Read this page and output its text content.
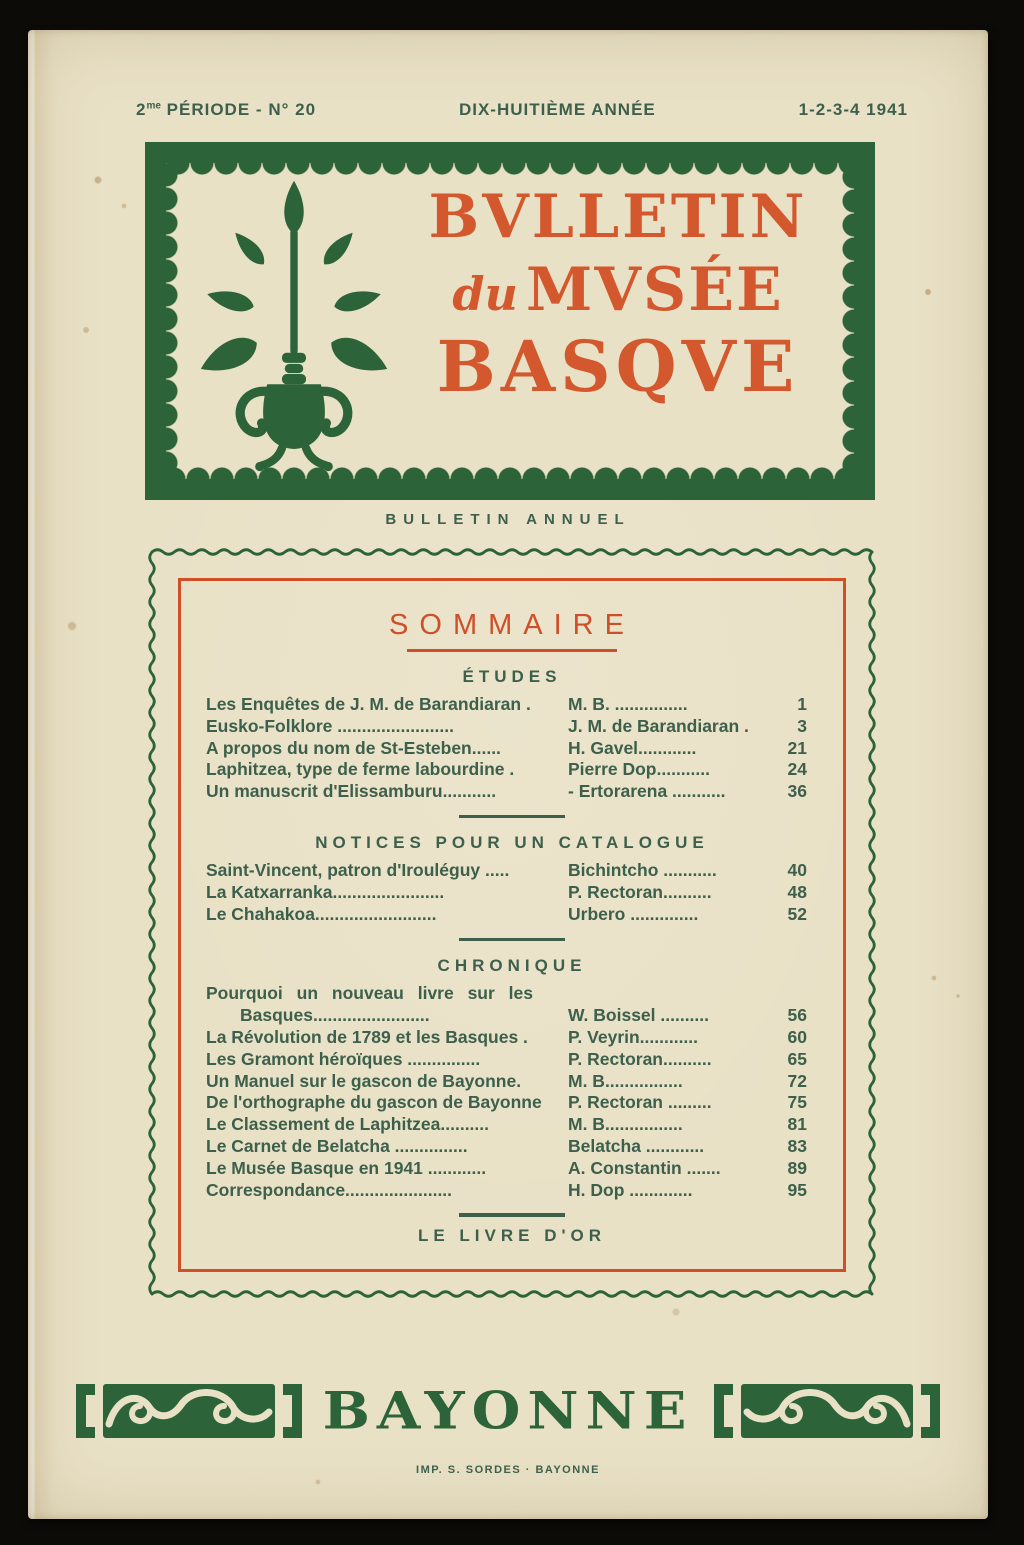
$2^{me}$ PÉRIODE - N° 20	DIX-HUITIÈME ANNÉE	1-2-3-4 1941
BVLLETIN
du MVSÉE
BASQVE
BULLETIN ANNUEL
SOMMAIRE
ÉTUDES
Les Enquêtes de J. M. de Barandiaran .	M. B. ...............	1
Eusko-Folklore ........................	J. M. de Barandiaran .	3
A propos du nom de St-Esteben......	H. Gavel............	21
Laphitzea, type de ferme labourdine .	Pierre Dop...........	24
Un manuscrit d'Elissamburu...........	- Ertorarena ...........	36
NOTICES POUR UN CATALOGUE
Saint-Vincent, patron d'Irouléguy .....	Bichintcho ...........	40
La Katxarranka.......................	P. Rectoran..........	48
Le Chahakoa.........................	Urbero ..............	52
CHRONIQUE
Pourquoi un nouveau livre sur les
Basques........................	W. Boissel ..........	56
La Révolution de 1789 et les Basques .	P. Veyrin............	60
Les Gramont héroïques ...............	P. Rectoran..........	65
Un Manuel sur le gascon de Bayonne.	M. B................	72
De l'orthographe du gascon de Bayonne	P. Rectoran .........	75
Le Classement de Laphitzea..........	M. B................	81
Le Carnet de Belatcha ...............	Belatcha ............	83
Le Musée Basque en 1941 ............	A. Constantin .......	89
Correspondance......................	H. Dop .............	95
LE LIVRE D'OR
BAYONNE
IMP. S. SORDES · BAYONNE
